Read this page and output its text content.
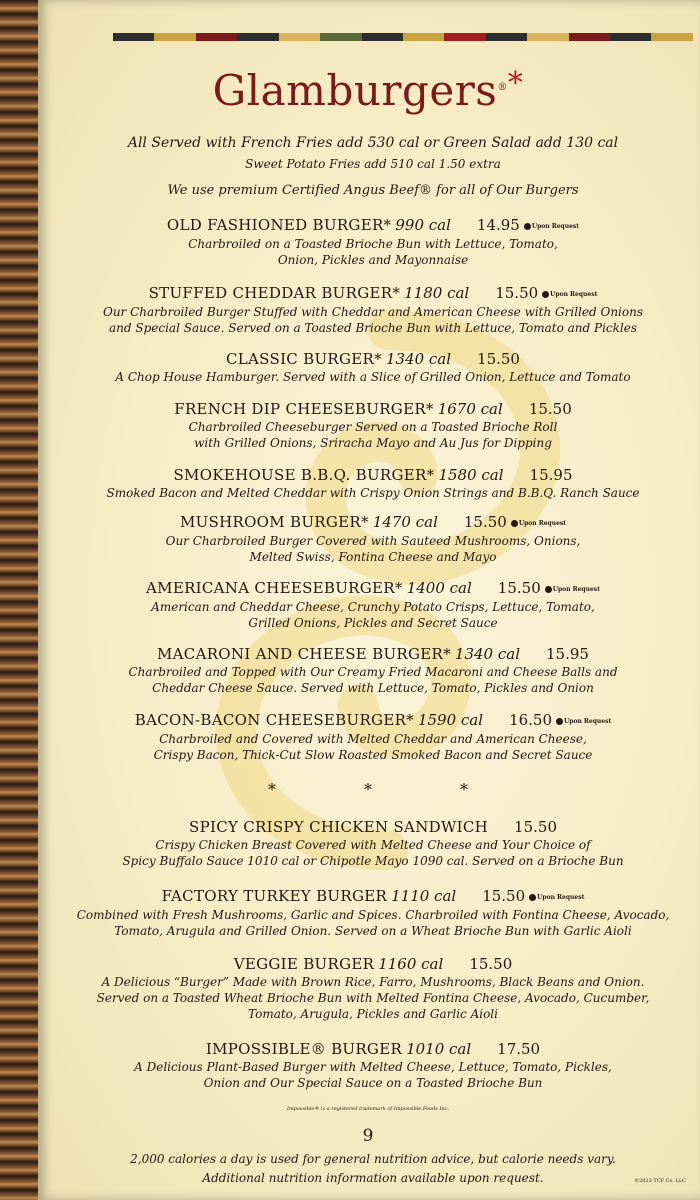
Glamburgers®*
All Served with French Fries add 530 cal or Green Salad add 130 cal
Sweet Potato Fries add 510 cal 1.50 extra
We use premium Certified Angus Beef® for all of Our Burgers
OLD FASHIONED BURGER* 990 cal 14.95 Upon Request
Charbroiled on a Toasted Brioche Bun with Lettuce, Tomato,
Onion, Pickles and Mayonnaise
STUFFED CHEDDAR BURGER* 1180 cal 15.50 Upon Request
Our Charbroiled Burger Stuffed with Cheddar and American Cheese with Grilled Onions
and Special Sauce. Served on a Toasted Brioche Bun with Lettuce, Tomato and Pickles
CLASSIC BURGER* 1340 cal 15.50
A Chop House Hamburger. Served with a Slice of Grilled Onion, Lettuce and Tomato
FRENCH DIP CHEESEBURGER* 1670 cal 15.50
Charbroiled Cheeseburger Served on a Toasted Brioche Roll
with Grilled Onions, Sriracha Mayo and Au Jus for Dipping
SMOKEHOUSE B.B.Q. BURGER* 1580 cal 15.95
Smoked Bacon and Melted Cheddar with Crispy Onion Strings and B.B.Q. Ranch Sauce
MUSHROOM BURGER* 1470 cal 15.50 Upon Request
Our Charbroiled Burger Covered with Sauteed Mushrooms, Onions,
Melted Swiss, Fontina Cheese and Mayo
AMERICANA CHEESEBURGER* 1400 cal 15.50 Upon Request
American and Cheddar Cheese, Crunchy Potato Crisps, Lettuce, Tomato,
Grilled Onions, Pickles and Secret Sauce
MACARONI AND CHEESE BURGER* 1340 cal 15.95
Charbroiled and Topped with Our Creamy Fried Macaroni and Cheese Balls and
Cheddar Cheese Sauce. Served with Lettuce, Tomato, Pickles and Onion
BACON-BACON CHEESEBURGER* 1590 cal 16.50 Upon Request
Charbroiled and Covered with Melted Cheddar and American Cheese,
Crispy Bacon, Thick-Cut Slow Roasted Smoked Bacon and Secret Sauce
SPICY CRISPY CHICKEN SANDWICH 15.50
Crispy Chicken Breast Covered with Melted Cheese and Your Choice of
Spicy Buffalo Sauce 1010 cal or Chipotle Mayo 1090 cal. Served on a Brioche Bun
FACTORY TURKEY BURGER 1110 cal 15.50 Upon Request
Combined with Fresh Mushrooms, Garlic and Spices. Charbroiled with Fontina Cheese, Avocado,
Tomato, Arugula and Grilled Onion. Served on a Wheat Brioche Bun with Garlic Aioli
VEGGIE BURGER 1160 cal 15.50
A Delicious “Burger” Made with Brown Rice, Farro, Mushrooms, Black Beans and Onion.
Served on a Toasted Wheat Brioche Bun with Melted Fontina Cheese, Avocado, Cucumber,
Tomato, Arugula, Pickles and Garlic Aioli
IMPOSSIBLE® BURGER 1010 cal 17.50
A Delicious Plant-Based Burger with Melted Cheese, Lettuce, Tomato, Pickles,
Onion and Our Special Sauce on a Toasted Brioche Bun
*	*	*
Impossible® is a registered trademark of Impossible Foods Inc.
9
2,000 calories a day is used for general nutrition advice, but calorie needs vary.
Additional nutrition information available upon request.	©2023 TCF Co. LLC
